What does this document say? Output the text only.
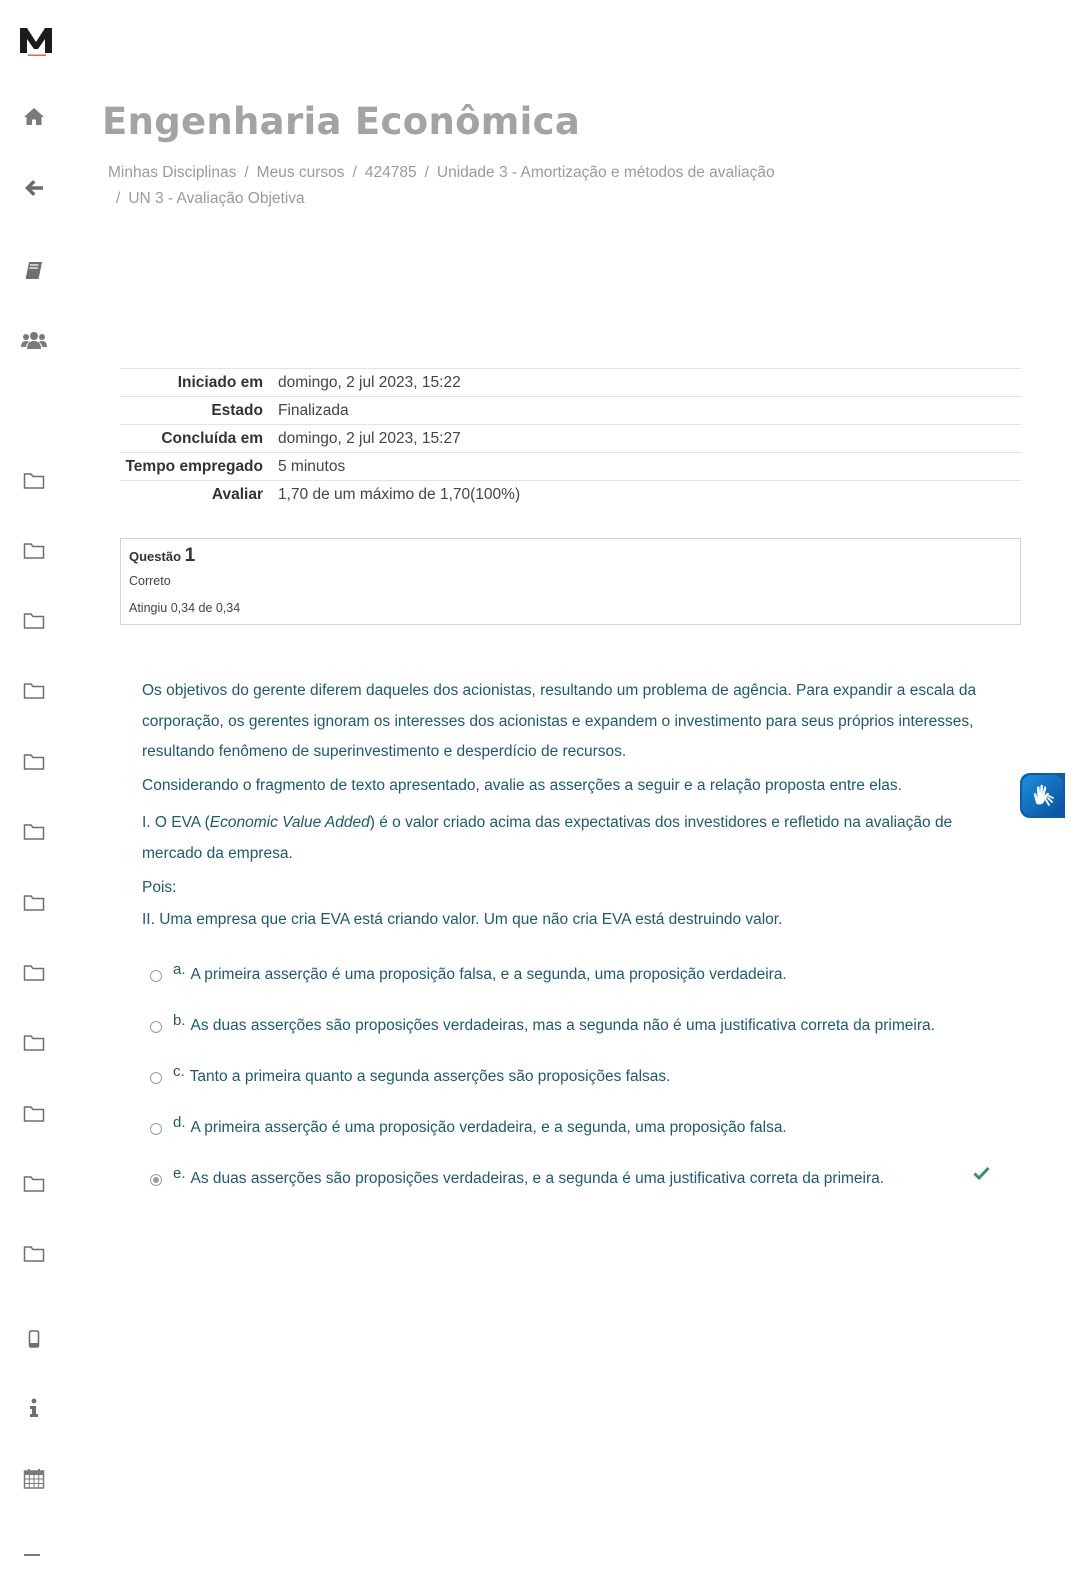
Engenharia Econômica
Minhas Disciplinas / Meus cursos / 424785 / Unidade 3 - Amortização e métodos de avaliação
/ UN 3 - Avaliação Objetiva
Iniciado em	domingo, 2 jul 2023, 15:22
Estado	Finalizada
Concluída em	domingo, 2 jul 2023, 15:27
Tempo empregado	5 minutos
Avaliar	1,70 de um máximo de 1,70(100%)
Questão 1
Correto
Atingiu 0,34 de 0,34

Os objetivos do gerente diferem daqueles dos acionistas, resultando um problema de agência. Para expandir a escala da corporação, os gerentes ignoram os interesses dos acionistas e expandem o investimento para seus próprios interesses, resultando fenômeno de superinvestimento e desperdício de recursos.

Considerando o fragmento de texto apresentado, avalie as asserções a seguir e a relação proposta entre elas.

I. O EVA (Economic Value Added) é o valor criado acima das expectativas dos investidores e refletido na avaliação de mercado da empresa.

Pois:

II. Uma empresa que cria EVA está criando valor. Um que não cria EVA está destruindo valor.

a. A primeira asserção é uma proposição falsa, e a segunda, uma proposição verdadeira.
b. As duas asserções são proposições verdadeiras, mas a segunda não é uma justificativa correta da primeira.
c. Tanto a primeira quanto a segunda asserções são proposições falsas.
d. A primeira asserção é uma proposição verdadeira, e a segunda, uma proposição falsa.
e. As duas asserções são proposições verdadeiras, e a segunda é uma justificativa correta da primeira.
